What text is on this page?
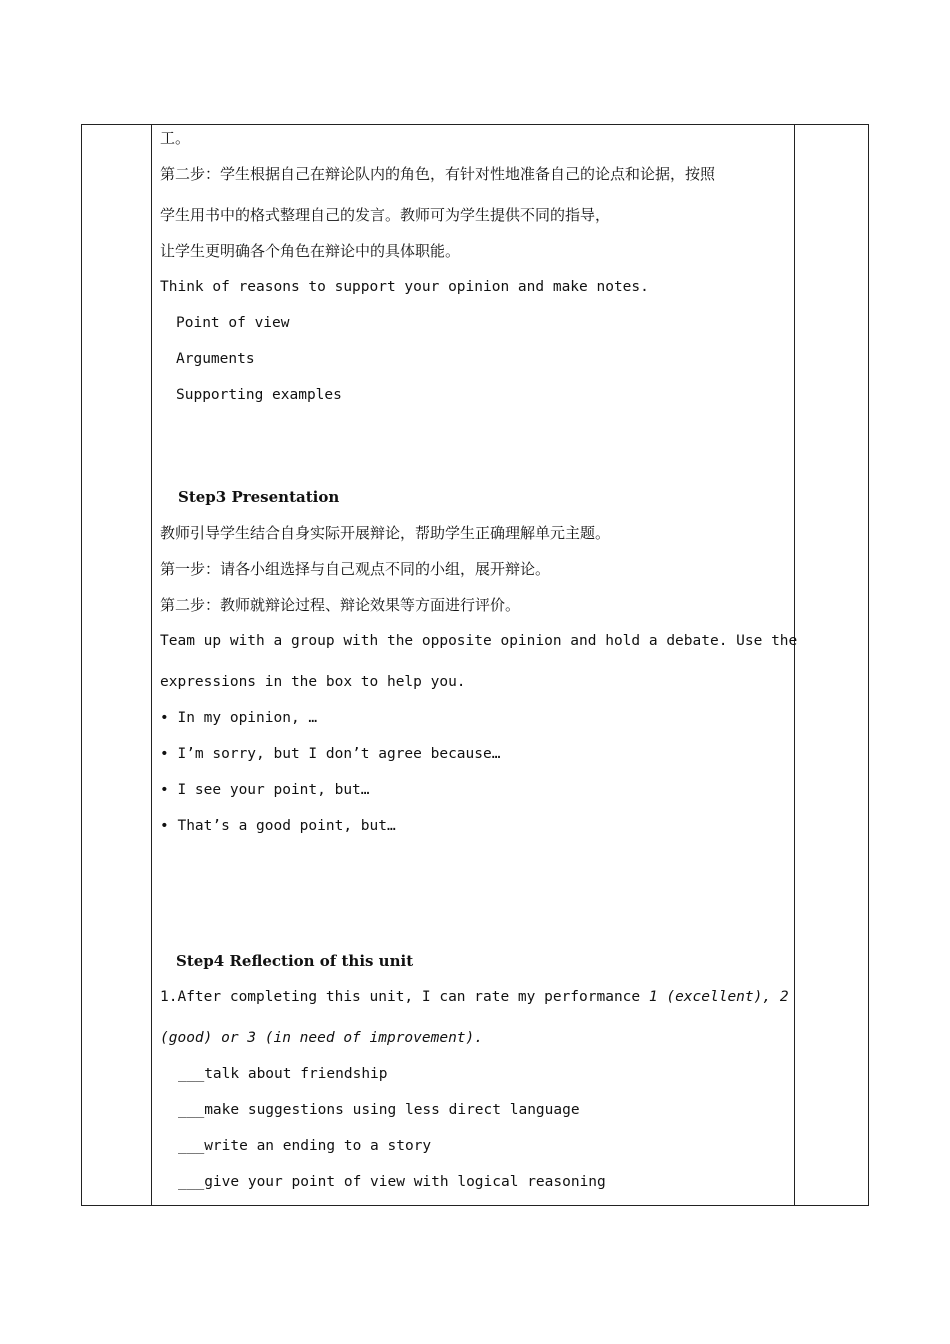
工。
第二步：学生根据自己在辩论队内的角色，有针对性地准备自己的论点和论据，按照
学生用书中的格式整理自己的发言。教师可为学生提供不同的指导，
让学生更明确各个角色在辩论中的具体职能。
Think of reasons to support your opinion and make notes.
Point of view
Arguments
Supporting examples
Step3 Presentation
教师引导学生结合自身实际开展辩论，帮助学生正确理解单元主题。
第一步：请各小组选择与自己观点不同的小组，展开辩论。
第二步：教师就辩论过程、辩论效果等方面进行评价。
Team up with a group with the opposite opinion and hold a debate. Use the
expressions in the box to help you.
• In my opinion, …
• I’m sorry, but I don’t agree because…
• I see your point, but…
• That’s a good point, but…
Step4 Reflection of this unit
1.After completing this unit, I can rate my performance 1 (excellent), 2
(good) or 3 (in need of improvement).
___talk about friendship
___make suggestions using less direct language
___write an ending to a story
___give your point of view with logical reasoning
